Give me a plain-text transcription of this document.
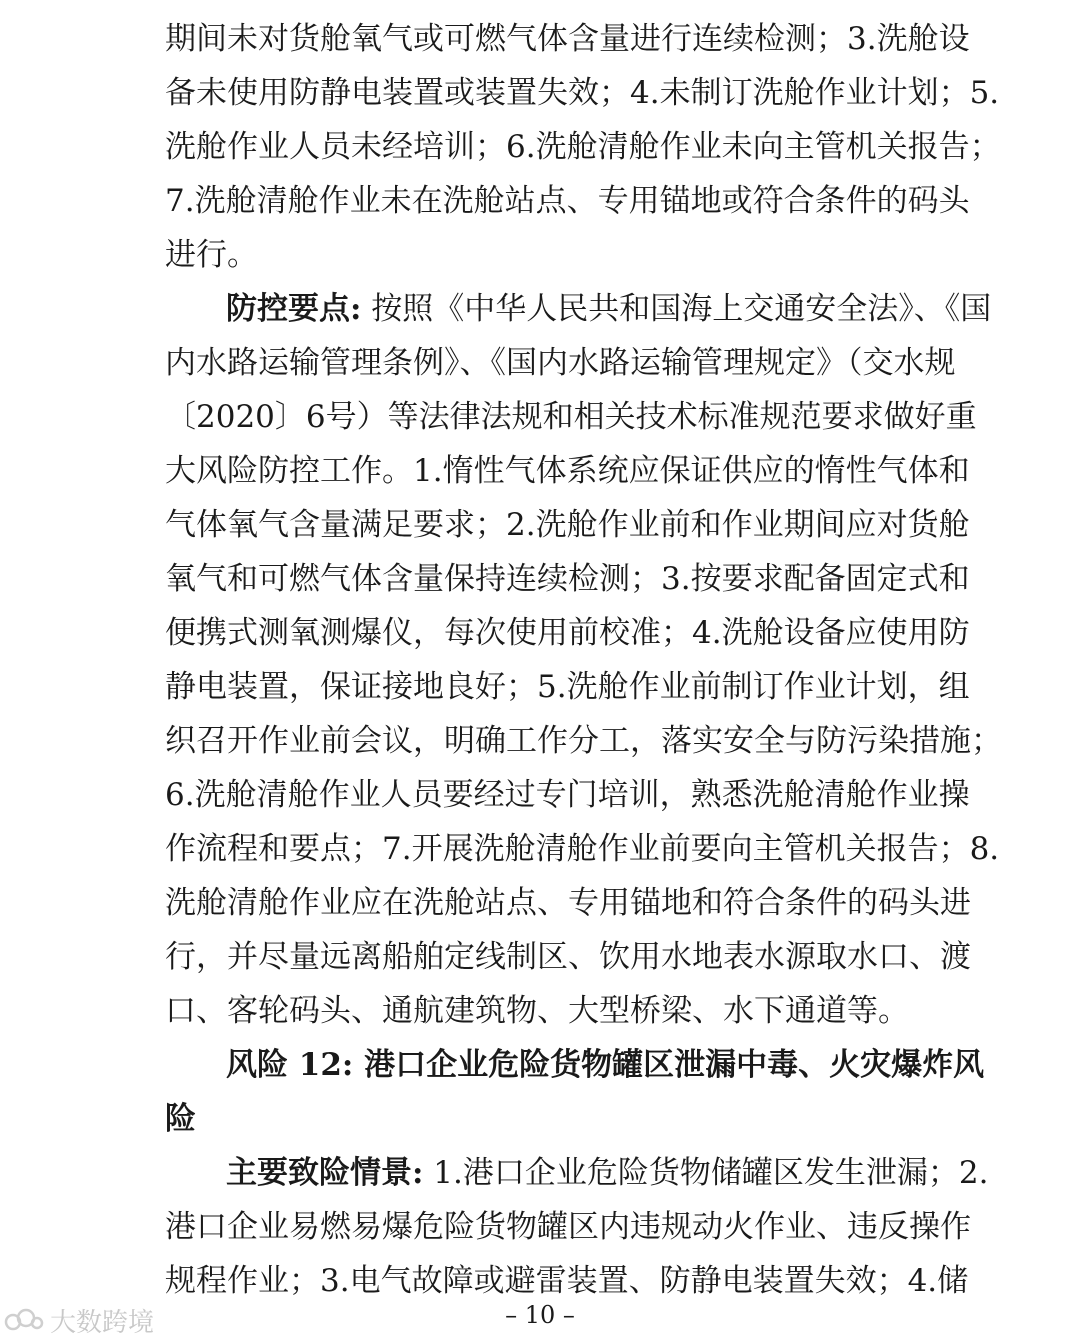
期间未对货舱氧气或可燃气体含量进行连续检测；3.洗舱设
备未使用防静电装置或装置失效；4.未制订洗舱作业计划；5.
洗舱作业人员未经培训；6.洗舱清舱作业未向主管机关报告；
7.洗舱清舱作业未在洗舱站点、专用锚地或符合条件的码头
进行。
防控要点: 按照《中华人民共和国海上交通安全法》、《国
内水路运输管理条例》、《国内水路运输管理规定》（交水规
〔2020〕6号）等法律法规和相关技术标准规范要求做好重
大风险防控工作。1.惰性气体系统应保证供应的惰性气体和
气体氧气含量满足要求；2.洗舱作业前和作业期间应对货舱
氧气和可燃气体含量保持连续检测；3.按要求配备固定式和
便携式测氧测爆仪，每次使用前校准；4.洗舱设备应使用防
静电装置，保证接地良好；5.洗舱作业前制订作业计划，组
织召开作业前会议，明确工作分工，落实安全与防污染措施；
6.洗舱清舱作业人员要经过专门培训，熟悉洗舱清舱作业操
作流程和要点；7.开展洗舱清舱作业前要向主管机关报告；8.
洗舱清舱作业应在洗舱站点、专用锚地和符合条件的码头进
行，并尽量远离船舶定线制区、饮用水地表水源取水口、渡
口、客轮码头、通航建筑物、大型桥梁、水下通道等。
风险 12: 港口企业危险货物罐区泄漏中毒、火灾爆炸风
险
主要致险情景: 1.港口企业危险货物储罐区发生泄漏；2.
港口企业易燃易爆危险货物罐区内违规动火作业、违反操作
规程作业；3.电气故障或避雷装置、防静电装置失效；4.储
– 10 –
大数跨境
